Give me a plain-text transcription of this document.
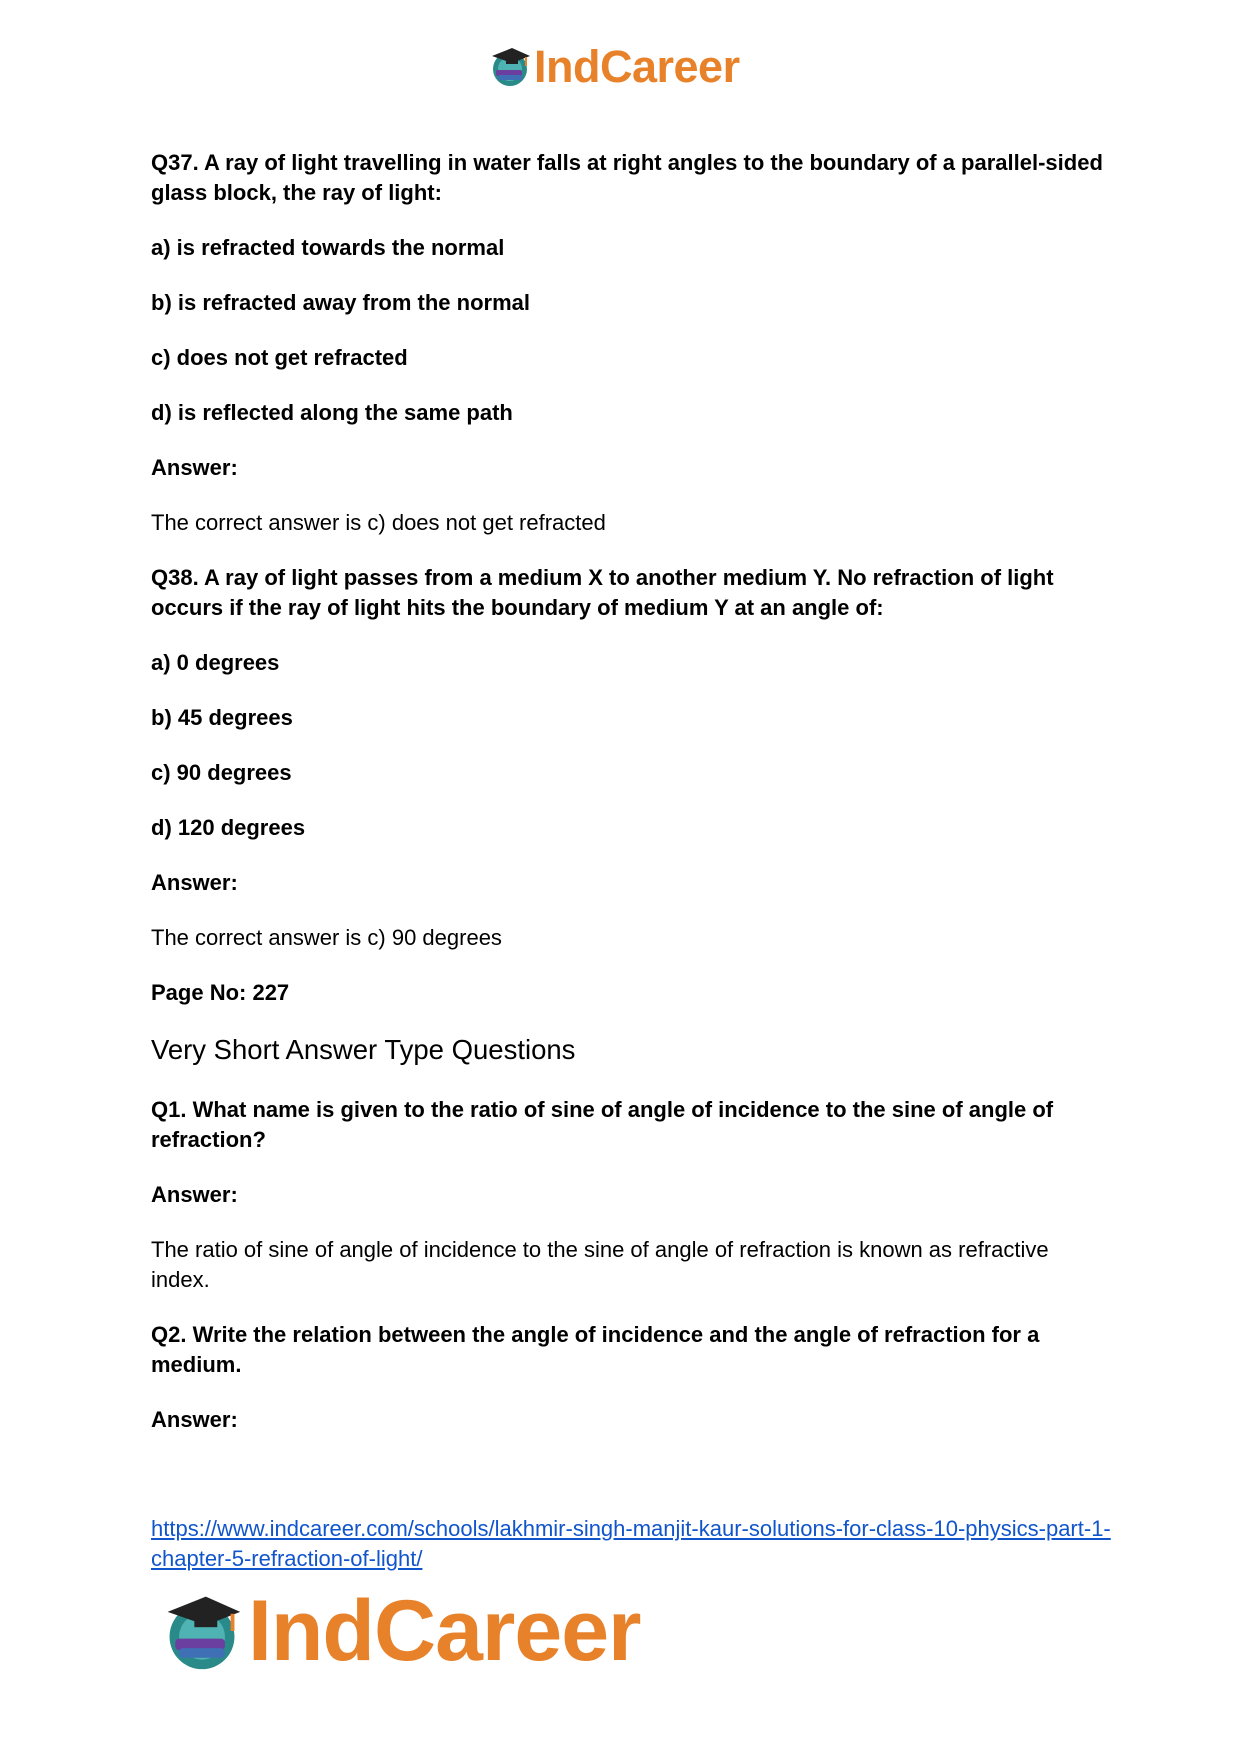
IndCareer

Q37. A ray of light travelling in water falls at right angles to the boundary of a parallel-sided glass block, the ray of light:

a) is refracted towards the normal

b) is refracted away from the normal

c) does not get refracted

d) is reflected along the same path

Answer:

The correct answer is c) does not get refracted

Q38. A ray of light passes from a medium X to another medium Y. No refraction of light occurs if the ray of light hits the boundary of medium Y at an angle of:

a) 0 degrees

b) 45 degrees

c) 90 degrees

d) 120 degrees

Answer:

The correct answer is c) 90 degrees

Page No: 227

Very Short Answer Type Questions

Q1. What name is given to the ratio of sine of angle of incidence to the sine of angle of refraction?

Answer:

The ratio of sine of angle of incidence to the sine of angle of refraction is known as refractive index.

Q2. Write the relation between the angle of incidence and the angle of refraction for a medium.

Answer:

https://www.indcareer.com/schools/lakhmir-singh-manjit-kaur-solutions-for-class-10-physics-part-1-chapter-5-refraction-of-light/
IndCareer
